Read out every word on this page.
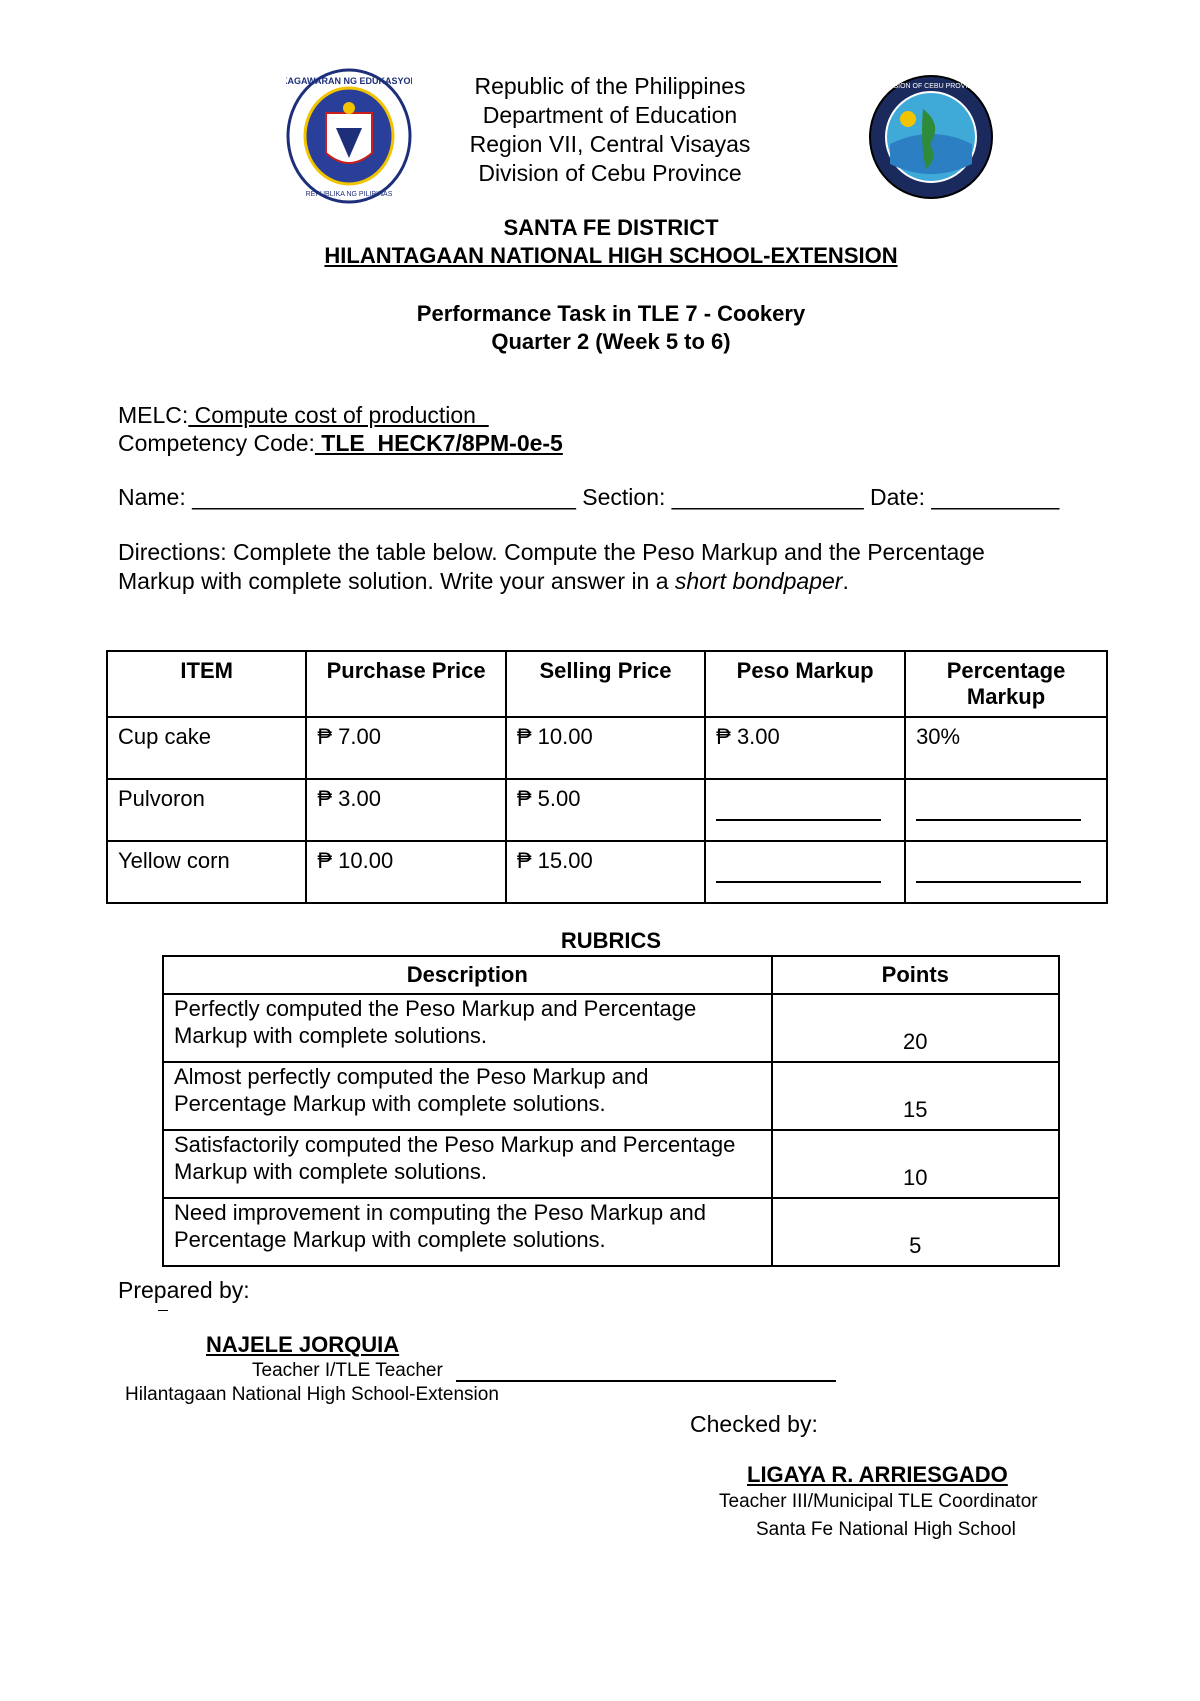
KAGAWARAN NG EDUKASYON
REPUBLIKA NG PILIPINAS
DIVISION OF CEBU PROVINCE
Republic of the Philippines
Department of Education
Region VII, Central Visayas
Division of Cebu Province
SANTA FE DISTRICT
HILANTAGAAN NATIONAL HIGH SCHOOL-EXTENSION
Performance Task in TLE 7 - Cookery
Quarter 2 (Week 5 to 6)
MELC: Compute cost of production
Competency Code: TLE_HECK7/8PM-0e-5
Name: ______________________________ Section: _______________ Date: __________
Directions: Complete the table below. Compute the Peso Markup and the Percentage Markup with complete solution. Write your answer in a short bondpaper.
ITEM	Purchase Price	Selling Price	Peso Markup	Percentage Markup
Cup cake	₱ 7.00	₱ 10.00	₱ 3.00	30%
Pulvoron	₱ 3.00	₱ 5.00		
Yellow corn	₱ 10.00	₱ 15.00		
RUBRICS
Description	Points
Perfectly computed the Peso Markup and Percentage Markup with complete solutions.	20
Almost perfectly computed the Peso Markup and Percentage Markup with complete solutions.	15
Satisfactorily computed the Peso Markup and Percentage Markup with complete solutions.	10
Need improvement in computing the Peso Markup and Percentage Markup with complete solutions.	5
Prepared by:
NAJELE JORQUIA
Teacher I/TLE Teacher
Hilantagaan National High School-Extension
Checked by:
LIGAYA R. ARRIESGADO
Teacher III/Municipal TLE Coordinator
Santa Fe National High School
